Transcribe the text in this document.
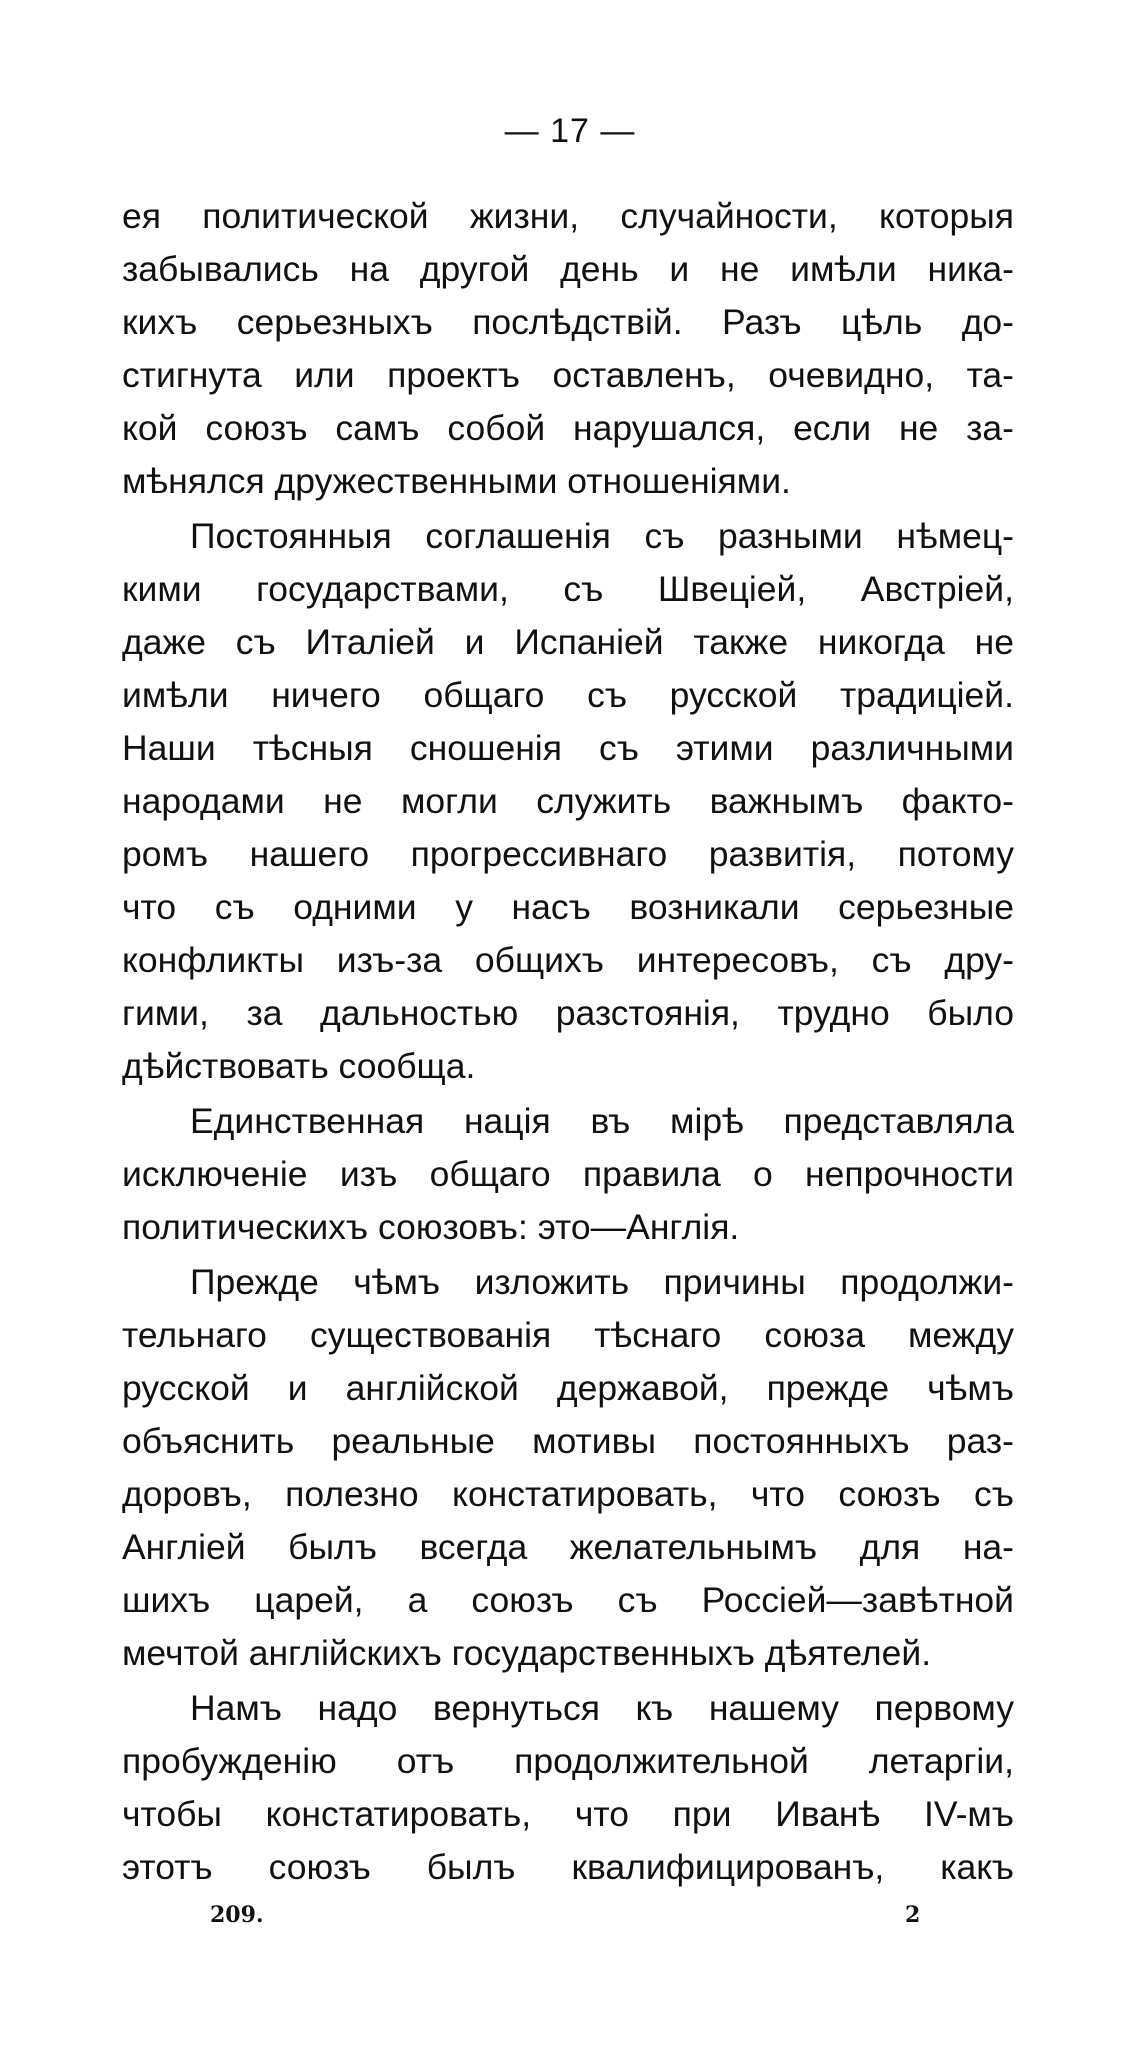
— 17 —
ея политической жизни, случайности, которыя
забывались на другой день и не имѣли никa-
кихъ серьезныхъ послѣдствій. Разъ цѣль до-
стигнута или проектъ оставленъ, очевидно, та-
кой союзъ самъ собой нарушался, если не за-
мѣнялся дружественными отношеніями.
Постоянныя соглашенія съ разными нѣмец-
кими государствами, съ Швеціей, Австріей,
даже съ Италіей и Испаніей также никогда не
имѣли ничего общаго съ русской традиціей.
Наши тѣсныя сношенія съ этими различными
народами не могли служить важнымъ факто-
ромъ нашего прогрессивнаго развитія, потому
что съ одними у насъ возникали серьезные
конфликты изъ-за общихъ интересовъ, съ дру-
гими, за дальностью разстоянія, трудно было
дѣйствовать сообща.
Единственная нація въ мірѣ представляла
исключеніе изъ общаго правила о непрочности
политическихъ союзовъ: это—Англія.
Прежде чѣмъ изложить причины продолжи-
тельнаго существованія тѣснаго союза между
русской и англійской державой, прежде чѣмъ
объяснить реальные мотивы постоянныхъ раз-
доровъ, полезно констатировать, что союзъ съ
Англіей былъ всегда желательнымъ для на-
шихъ царей, а союзъ съ Россіей—завѣтной
мечтой англійскихъ государственныхъ дѣятелей.
Намъ надо вернуться къ нашему первому
пробужденію отъ продолжительной летаргіи,
чтобы констатировать, что при Иванѣ IV-мъ
этотъ союзъ былъ квалифицированъ, какъ
209.	2
